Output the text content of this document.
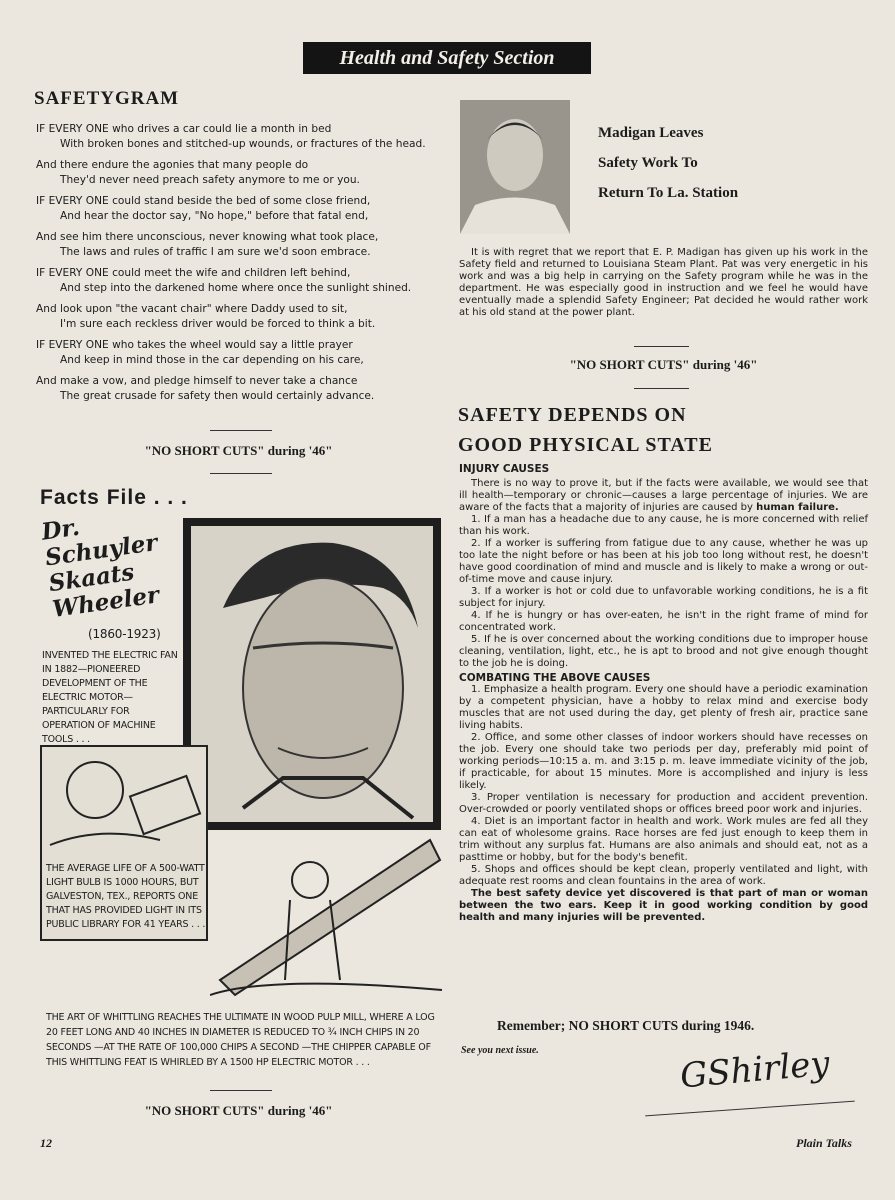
Health and Safety Section
SAFETYGRAM
IF EVERY ONE who drives a car could lie a month in bed
With broken bones and stitched-up wounds, or fractures of the head.
And there endure the agonies that many people do
They'd never need preach safety anymore to me or you.
IF EVERY ONE could stand beside the bed of some close friend,
And hear the doctor say, "No hope," before that fatal end,
And see him there unconscious, never knowing what took place,
The laws and rules of traffic I am sure we'd soon embrace.
IF EVERY ONE could meet the wife and children left behind,
And step into the darkened home where once the sunlight shined.
And look upon "the vacant chair" where Daddy used to sit,
I'm sure each reckless driver would be forced to think a bit.
IF EVERY ONE who takes the wheel would say a little prayer
And keep in mind those in the car depending on his care,
And make a vow, and pledge himself to never take a chance
The great crusade for safety then would certainly advance.
"NO SHORT CUTS" during '46"
Facts File . . .
Dr. Schuyler Skaats Wheeler
(1860-1923)
INVENTED THE ELECTRIC FAN IN 1882—PIONEERED DEVELOPMENT OF THE ELECTRIC MOTOR—PARTICULARLY FOR OPERATION OF MACHINE TOOLS . . .
THE AVERAGE LIFE OF A 500-WATT LIGHT BULB IS 1000 HOURS, BUT GALVESTON, TEX., REPORTS ONE THAT HAS PROVIDED LIGHT IN ITS PUBLIC LIBRARY FOR 41 YEARS . . .
THE ART OF WHITTLING REACHES THE ULTIMATE IN WOOD PULP MILL, WHERE A LOG 20 FEET LONG AND 40 INCHES IN DIAMETER IS REDUCED TO ¾ INCH CHIPS IN 20 SECONDS —AT THE RATE OF 100,000 CHIPS A SECOND —THE CHIPPER CAPABLE OF THIS WHITTLING FEAT IS WHIRLED BY A 1500 HP ELECTRIC MOTOR . . .
"NO SHORT CUTS" during '46"
Madigan Leaves
Safety Work To
Return To La. Station

It is with regret that we report that E. P. Madigan has given up his work in the Safety field and returned to Louisiana Steam Plant. Pat was very energetic in his work and was a big help in carrying on the Safety program while he was in the department. He was especially good in instruction and we feel he would have eventually made a splendid Safety Engineer; Pat decided he would rather work at his old stand at the power plant.

"NO SHORT CUTS" during '46"
SAFETY DEPENDS ON
GOOD PHYSICAL STATE

INJURY CAUSES

There is no way to prove it, but if the facts were available, we would see that ill health—temporary or chronic—causes a large percentage of injuries. We are aware of the facts that a majority of injuries are caused by human failure.

1. If a man has a headache due to any cause, he is more concerned with relief than his work.

2. If a worker is suffering from fatigue due to any cause, whether he was up too late the night before or has been at his job too long without rest, he doesn't have good coordination of mind and muscle and is likely to make a wrong or out-of-time move and cause injury.

3. If a worker is hot or cold due to unfavorable working conditions, he is a fit subject for injury.

4. If he is hungry or has over-eaten, he isn't in the right frame of mind for concentrated work.

5. If he is over concerned about the working conditions due to improper house cleaning, ventilation, light, etc., he is apt to brood and not give enough thought to the job he is doing.

COMBATING THE ABOVE CAUSES

1. Emphasize a health program. Every one should have a periodic examination by a competent physician, have a hobby to relax mind and exercise body muscles that are not used during the day, get plenty of fresh air, practice sane living habits.

2. Office, and some other classes of indoor workers should have recesses on the job. Every one should take two periods per day, preferably mid point of working periods—10:15 a. m. and 3:15 p. m. leave immediate vicinity of the job, if practicable, for about 15 minutes. More is accomplished and injury is less likely.

3. Proper ventilation is necessary for production and accident prevention. Over-crowded or poorly ventilated shops or offices breed poor work and injuries.

4. Diet is an important factor in health and work. Work mules are fed all they can eat of wholesome grains. Race horses are fed just enough to keep them in trim without any surplus fat. Humans are also animals and should eat, not as a pasttime or hobby, but for the body's benefit.

5. Shops and offices should be kept clean, properly ventilated and light, with adequate rest rooms and clean fountains in the area of work.

The best safety device yet discovered is that part of man or woman between the two ears. Keep it in good working condition by good health and many injuries will be prevented.

Remember; NO SHORT CUTS during 1946.
See you next issue.	GShirley
12	Plain Talks
